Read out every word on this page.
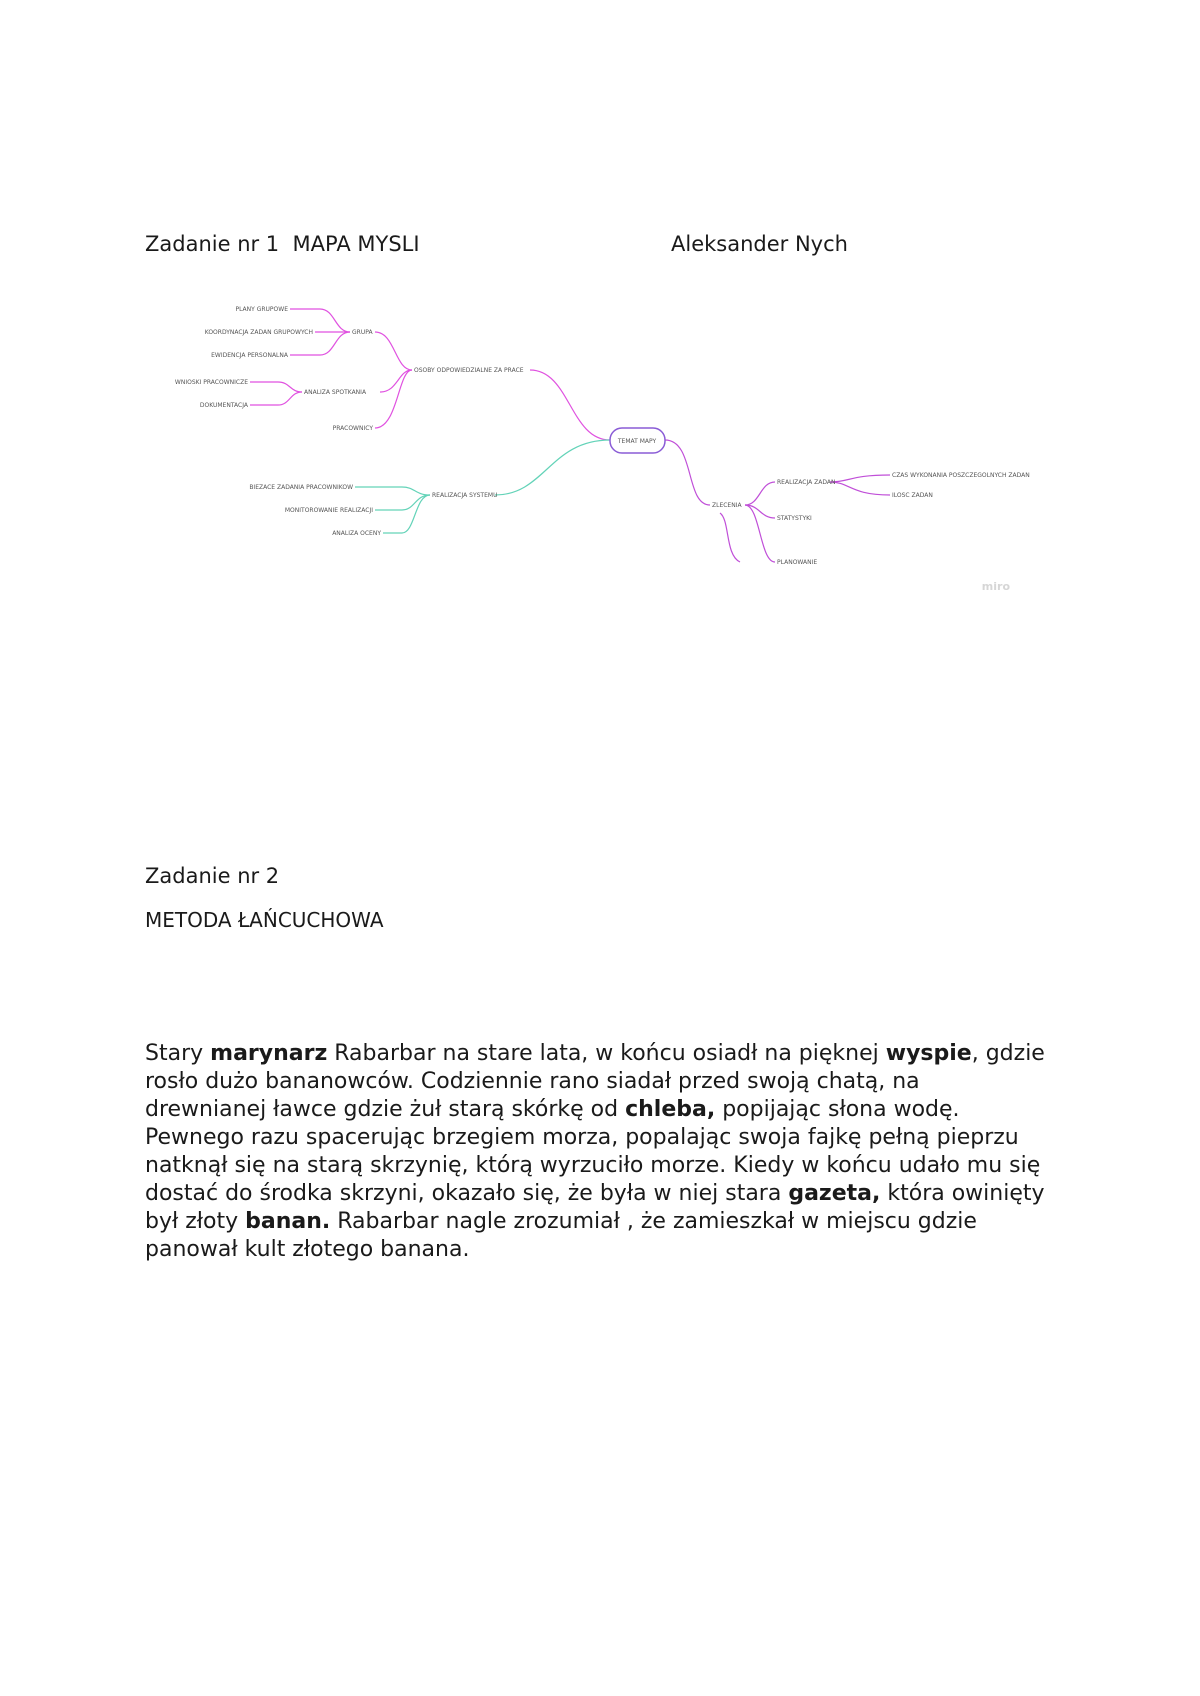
Zadanie nr 1  MAPA MYSLI	Aleksander Nych
TEMAT MAPY
PLANY GRUPOWE
KOORDYNACJA ZADAN GRUPOWYCH
EWIDENCJA PERSONALNA
GRUPA
WNIOSKI PRACOWNICZE
DOKUMENTACJA
ANALIZA SPOTKANIA
PRACOWNICY
OSOBY ODPOWIEDZIALNE ZA PRACE
BIEZACE ZADANIA PRACOWNIKOW
MONITOROWANIE REALIZACJI
ANALIZA OCENY
REALIZACJA SYSTEMU
ZLECENIA
REALIZACJA ZADAN
CZAS WYKONANIA POSZCZEGOLNYCH ZADAN
ILOSC ZADAN
STATYSTYKI
PLANOWANIE
miro
Zadanie nr 2
METODA ŁAŃCUCHOWA
Stary marynarz Rabarbar na stare lata, w końcu osiadł na pięknej wyspie, gdzie
rosło dużo bananowców. Codziennie rano siadał przed swoją chatą, na
drewnianej ławce gdzie żuł starą skórkę od chleba, popijając słona wodę.
Pewnego razu spacerując brzegiem morza, popalając swoja fajkę pełną pieprzu
natknął się na starą skrzynię, którą wyrzuciło morze. Kiedy w końcu udało mu się
dostać do środka skrzyni, okazało się, że była w niej stara gazeta, która owinięty
był złoty banan. Rabarbar nagle zrozumiał , że zamieszkał w miejscu gdzie
panował kult złotego banana.
